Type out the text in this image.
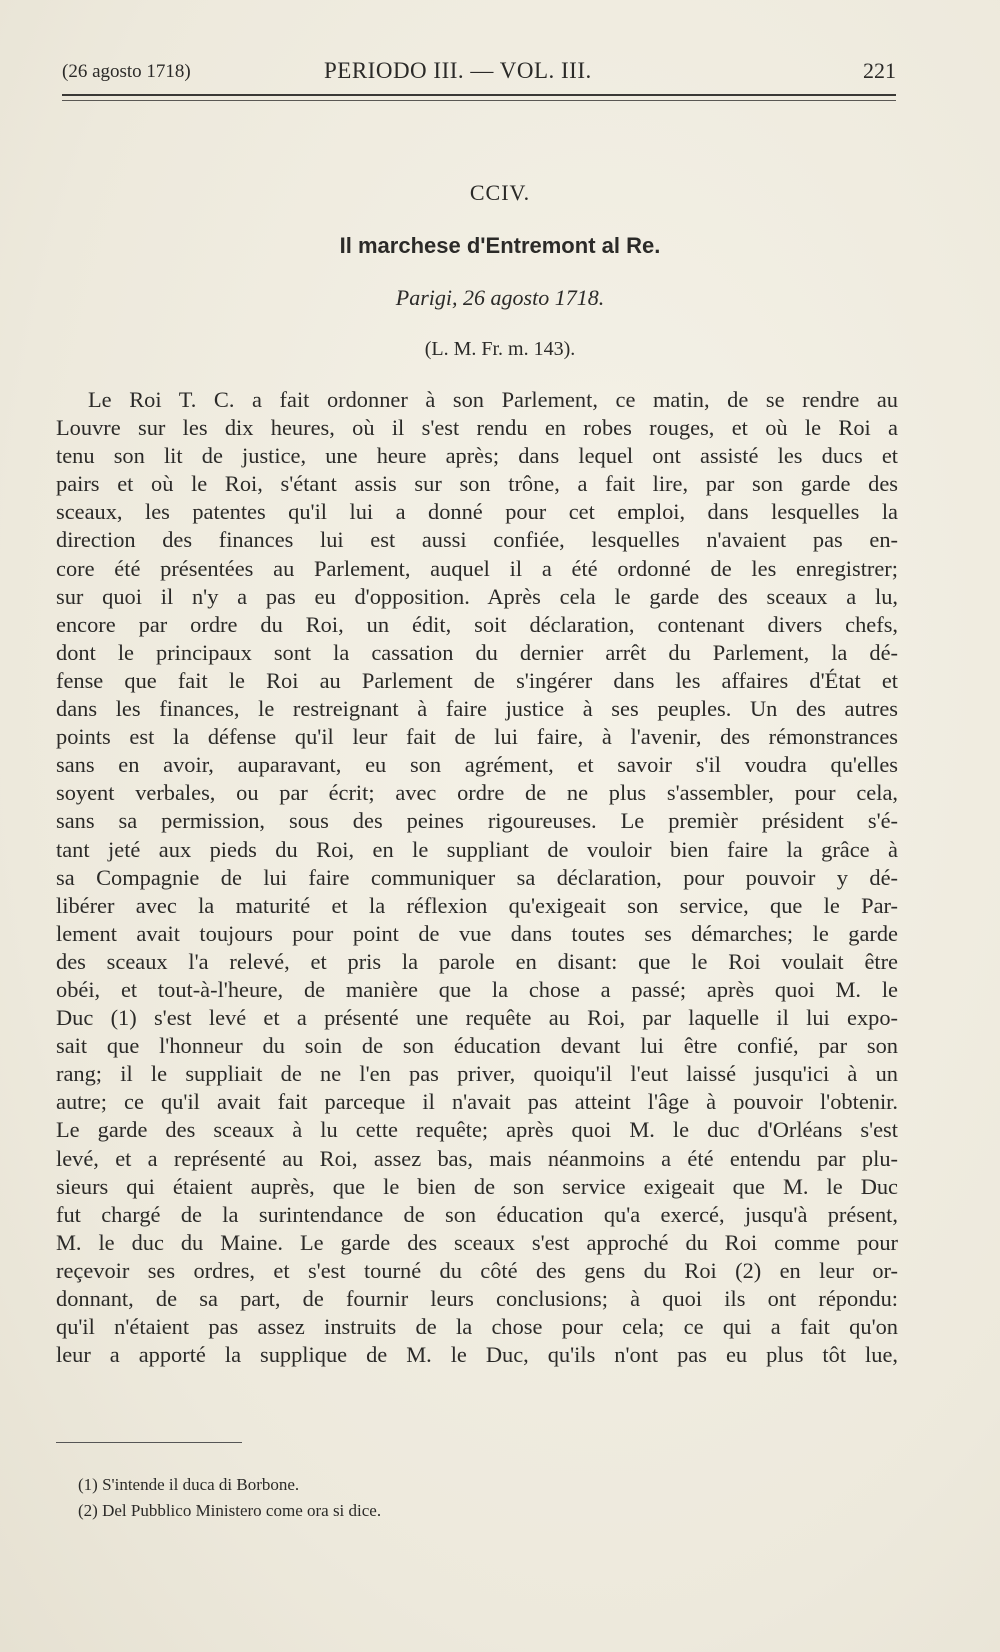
(26 agosto 1718)	PERIODO III. — VOL. III.	221
CCIV.
Il marchese d'Entremont al Re.
Parigi, 26 agosto 1718.
(L. M. Fr. m. 143).
Le Roi T. C. a fait ordonner à son Parlement, ce matin, de se rendre au
Louvre sur les dix heures, où il s'est rendu en robes rouges, et où le Roi a
tenu son lit de justice, une heure après; dans lequel ont assisté les ducs et
pairs et où le Roi, s'étant assis sur son trône, a fait lire, par son garde des
sceaux, les patentes qu'il lui a donné pour cet emploi, dans lesquelles la
direction des finances lui est aussi confiée, lesquelles n'avaient pas en-
core été présentées au Parlement, auquel il a été ordonné de les enregistrer;
sur quoi il n'y a pas eu d'opposition. Après cela le garde des sceaux a lu,
encore par ordre du Roi, un édit, soit déclaration, contenant divers chefs,
dont le principaux sont la cassation du dernier arrêt du Parlement, la dé-
fense que fait le Roi au Parlement de s'ingérer dans les affaires d'État et
dans les finances, le restreignant à faire justice à ses peuples. Un des autres
points est la défense qu'il leur fait de lui faire, à l'avenir, des rémonstrances
sans en avoir, auparavant, eu son agrément, et savoir s'il voudra qu'elles
soyent verbales, ou par écrit; avec ordre de ne plus s'assembler, pour cela,
sans sa permission, sous des peines rigoureuses. Le premièr président s'é-
tant jeté aux pieds du Roi, en le suppliant de vouloir bien faire la grâce à
sa Compagnie de lui faire communiquer sa déclaration, pour pouvoir y dé-
libérer avec la maturité et la réflexion qu'exigeait son service, que le Par-
lement avait toujours pour point de vue dans toutes ses démarches; le garde
des sceaux l'a relevé, et pris la parole en disant: que le Roi voulait être
obéi, et tout-à-l'heure, de manière que la chose a passé; après quoi M. le
Duc (1) s'est levé et a présenté une requête au Roi, par laquelle il lui expo-
sait que l'honneur du soin de son éducation devant lui être confié, par son
rang; il le suppliait de ne l'en pas priver, quoiqu'il l'eut laissé jusqu'ici à un
autre; ce qu'il avait fait parceque il n'avait pas atteint l'âge à pouvoir l'obtenir.
Le garde des sceaux à lu cette requête; après quoi M. le duc d'Orléans s'est
levé, et a représenté au Roi, assez bas, mais néanmoins a été entendu par plu-
sieurs qui étaient auprès, que le bien de son service exigeait que M. le Duc
fut chargé de la surintendance de son éducation qu'a exercé, jusqu'à présent,
M. le duc du Maine. Le garde des sceaux s'est approché du Roi comme pour
reçevoir ses ordres, et s'est tourné du côté des gens du Roi (2) en leur or-
donnant, de sa part, de fournir leurs conclusions; à quoi ils ont répondu:
qu'il n'étaient pas assez instruits de la chose pour cela; ce qui a fait qu'on
leur a apporté la supplique de M. le Duc, qu'ils n'ont pas eu plus tôt lue,
(1) S'intende il duca di Borbone.
(2) Del Pubblico Ministero come ora si dice.
